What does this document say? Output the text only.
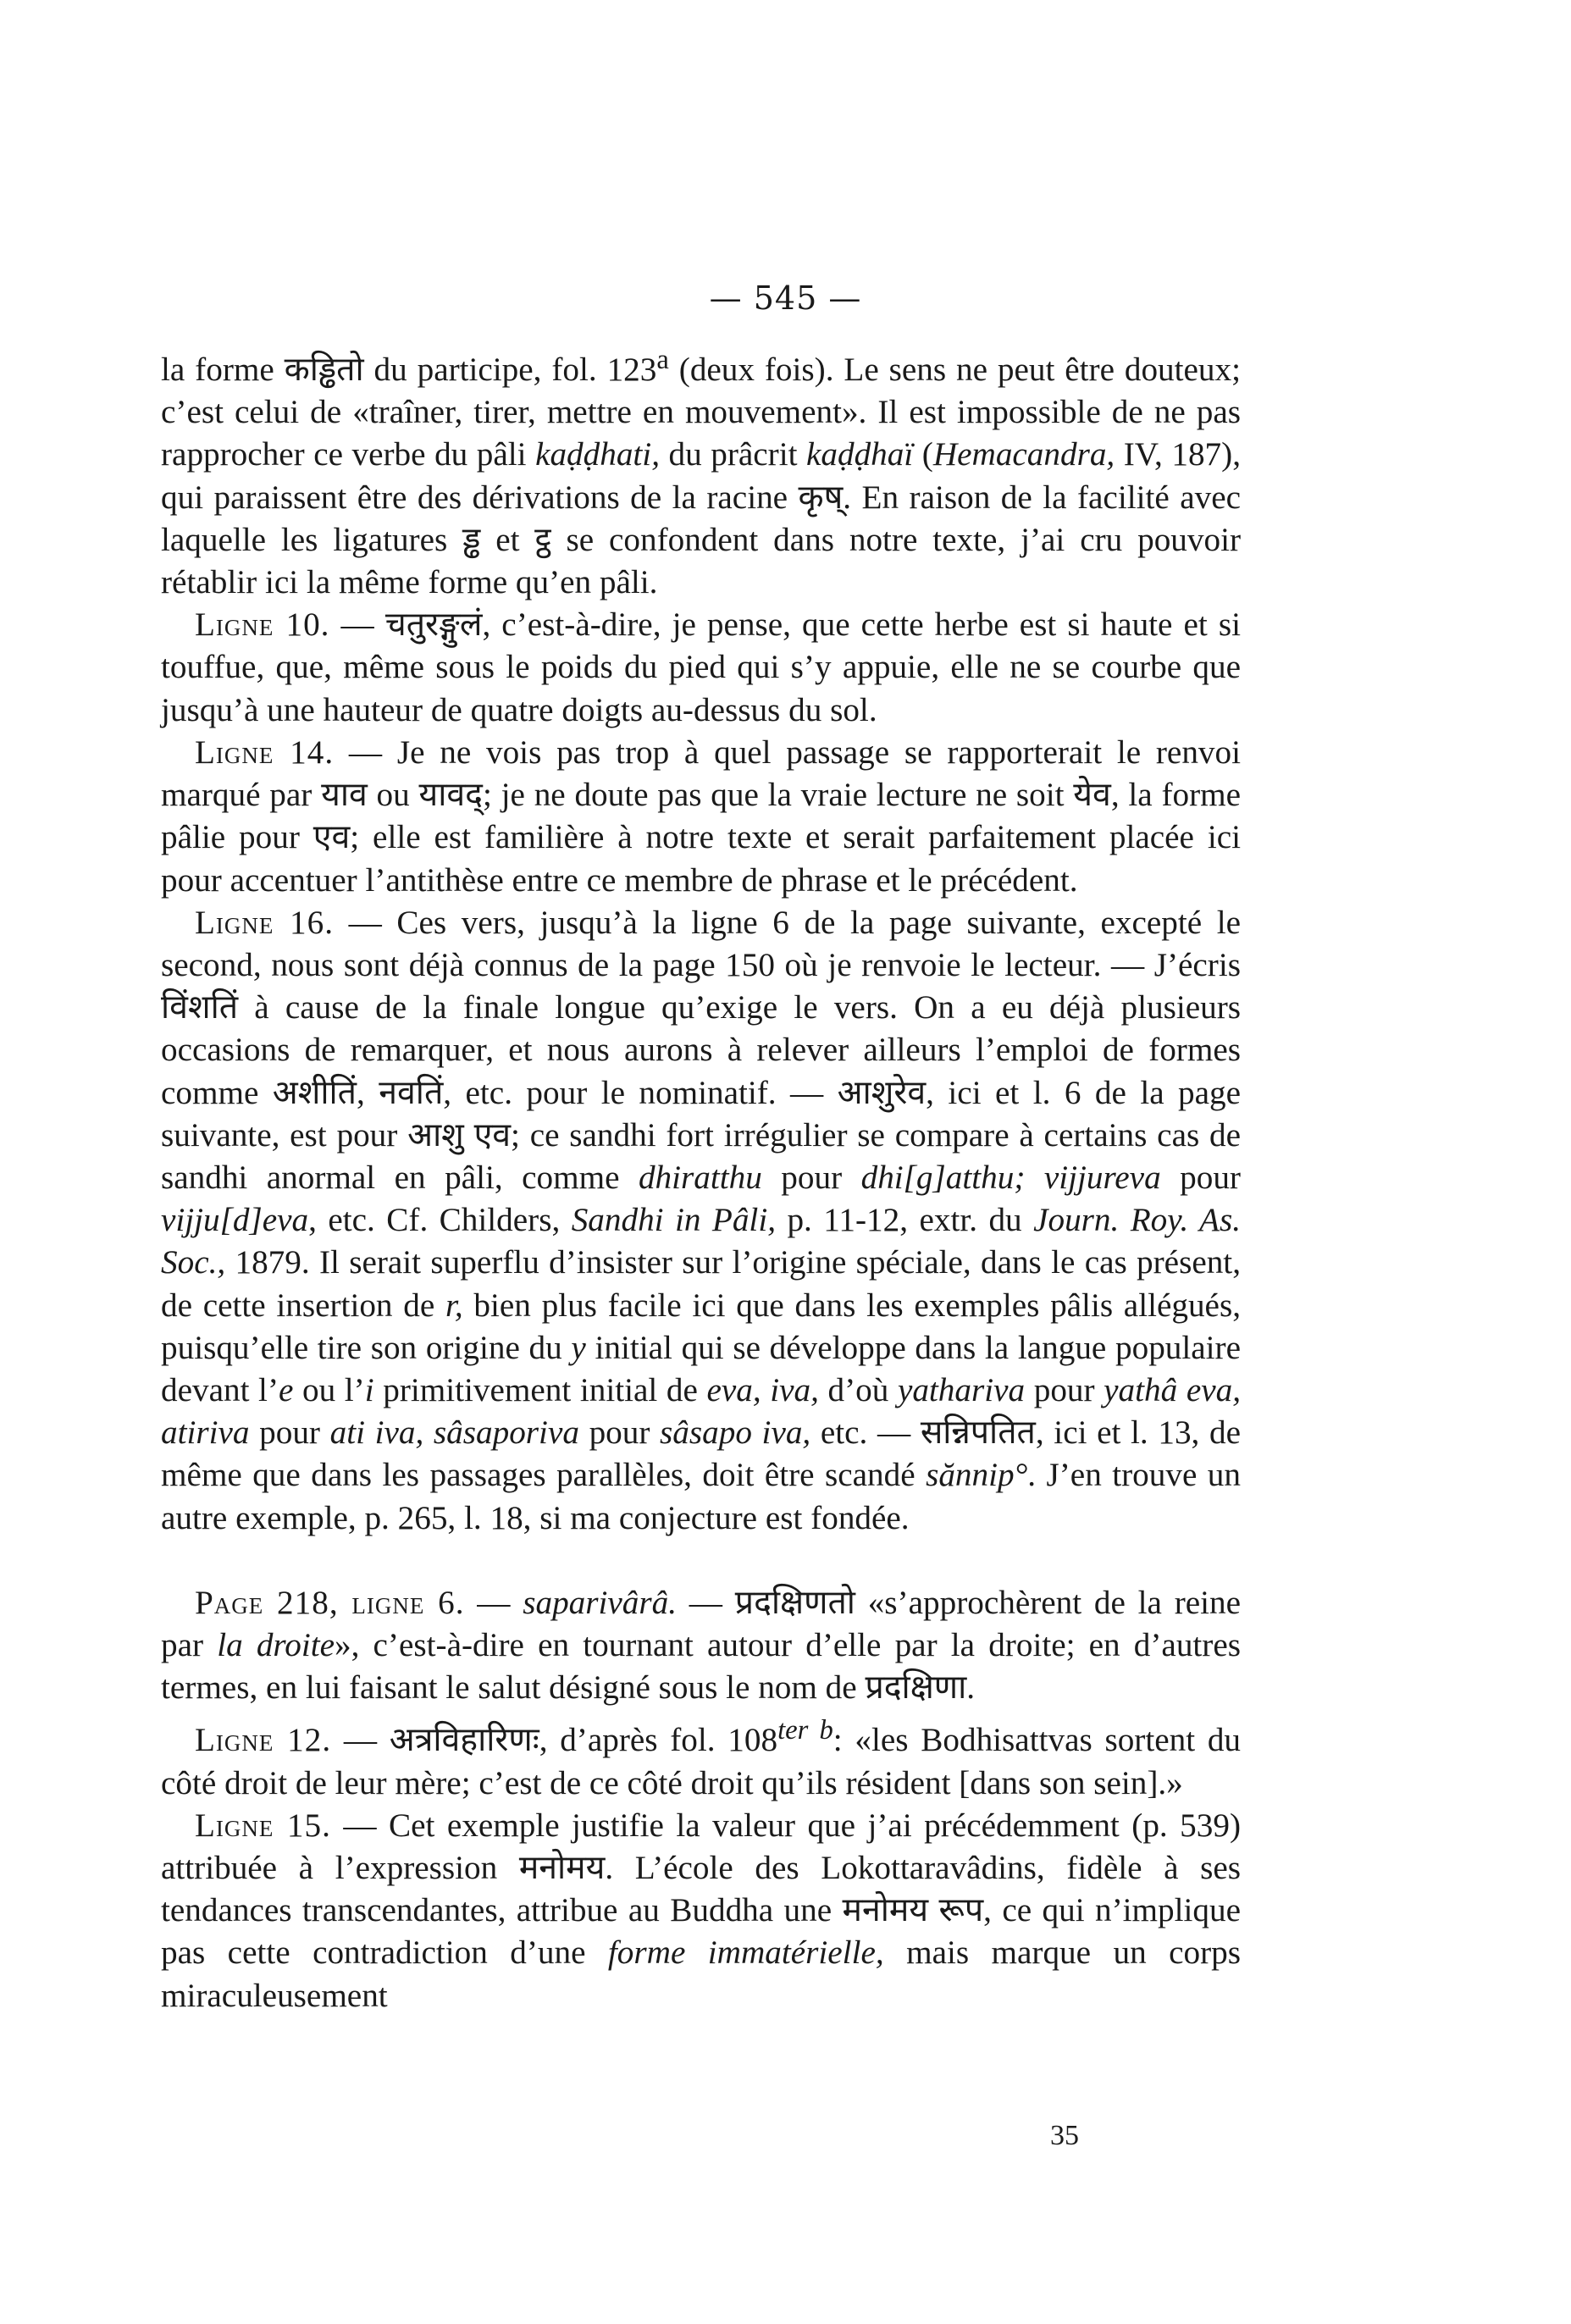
— 545 —

la forme कड्ढितो du participe, fol. 123$^a$ (deux fois). Le sens ne peut être douteux; c’est celui de «traîner, tirer, mettre en mouvement». Il est impossible de ne pas rapprocher ce verbe du pâli kaḍḍhati, du prâcrit kaḍḍhaï (Hemacandra, IV, 187), qui paraissent être des dérivations de la racine कृष्. En raison de la facilité avec laquelle les ligatures ड्ढ et ट्ठ se confondent dans notre texte, j’ai cru pouvoir rétablir ici la même forme qu’en pâli.

Ligne 10. — चतुरङ्गुलं, c’est-à-dire, je pense, que cette herbe est si haute et si touffue, que, même sous le poids du pied qui s’y appuie, elle ne se courbe que jusqu’à une hauteur de quatre doigts au-dessus du sol.

Ligne 14. — Je ne vois pas trop à quel passage se rapporterait le renvoi marqué par याव ou यावद्; je ne doute pas que la vraie lecture ne soit येव, la forme pâlie pour एव; elle est familière à notre texte et serait parfaitement placée ici pour accentuer l’antithèse entre ce membre de phrase et le précédent.

Ligne 16. — Ces vers, jusqu’à la ligne 6 de la page suivante, excepté le second, nous sont déjà connus de la page 150 où je renvoie le lecteur. — J’écris विंशतिं à cause de la finale longue qu’exige le vers. On a eu déjà plusieurs occasions de remarquer, et nous aurons à relever ailleurs l’emploi de formes comme अशीतिं, नवतिं, etc. pour le nominatif. — आशुरेव, ici et l. 6 de la page suivante, est pour आशु एव; ce sandhi fort irrégulier se compare à certains cas de sandhi anormal en pâli, comme dhiratthu pour dhi[g]atthu; vijjureva pour vijju[d]eva, etc. Cf. Childers, Sandhi in Pâli, p. 11-12, extr. du Journ. Roy. As. Soc., 1879. Il serait superflu d’insister sur l’origine spéciale, dans le cas présent, de cette insertion de r, bien plus facile ici que dans les exemples pâlis allégués, puisqu’elle tire son origine du y initial qui se développe dans la langue populaire devant l’e ou l’i primitivement initial de eva, iva, d’où yathariva pour yathâ eva, atiriva pour ati iva, sâsaporiva pour sâsapo iva, etc. — सन्निपतित, ici et l. 13, de même que dans les passages parallèles, doit être scandé sănnip°. J’en trouve un autre exemple, p. 265, l. 18, si ma conjecture est fondée.

Page 218, ligne 6. — saparivârâ. — प्रदक्षिणतो «s’approchèrent de la reine par la droite», c’est-à-dire en tournant autour d’elle par la droite; en d’autres termes, en lui faisant le salut désigné sous le nom de प्रदक्षिणा.

Ligne 12. — अत्रविहारिणः, d’après fol. $108^{ter b}$: «les Bodhisattvas sortent du côté droit de leur mère; c’est de ce côté droit qu’ils résident [dans son sein].»

Ligne 15. — Cet exemple justifie la valeur que j’ai précédemment (p. 539) attribuée à l’expression मनोमय. L’école des Lokottaravâdins, fidèle à ses tendances transcendantes, attribue au Buddha une मनोमय रूप, ce qui n’implique pas cette contradiction d’une forme immatérielle, mais marque un corps miraculeusement

35
